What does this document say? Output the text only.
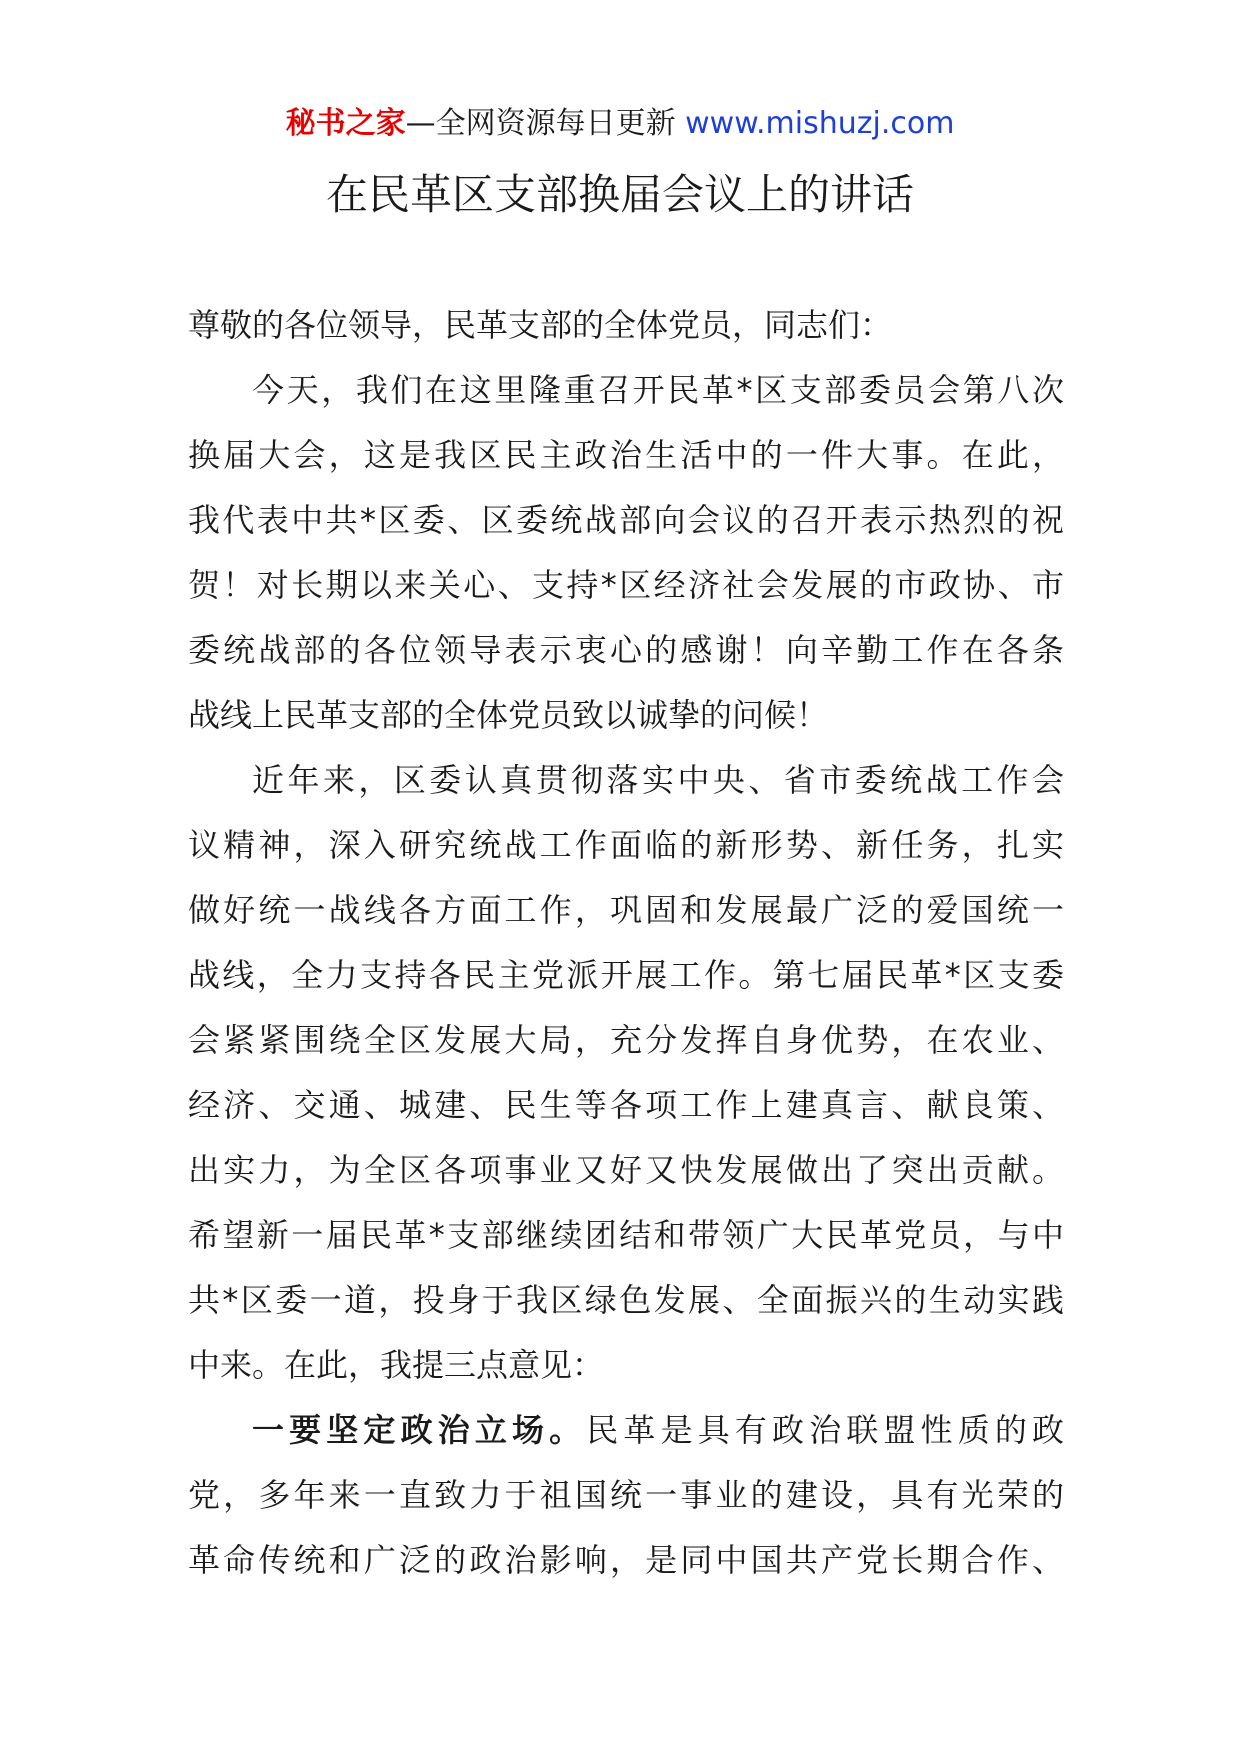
秘书之家—全网资源每日更新 www.mishuzj.com
在民革区支部换届会议上的讲话
尊敬的各位领导，民革支部的全体党员，同志们：
今天，我们在这里隆重召开民革*区支部委员会第八次
换届大会，这是我区民主政治生活中的一件大事。在此，
我代表中共*区委、区委统战部向会议的召开表示热烈的祝
贺！对长期以来关心、支持*区经济社会发展的市政协、市
委统战部的各位领导表示衷心的感谢！向辛勤工作在各条
战线上民革支部的全体党员致以诚挚的问候！
近年来，区委认真贯彻落实中央、省市委统战工作会
议精神，深入研究统战工作面临的新形势、新任务，扎实
做好统一战线各方面工作，巩固和发展最广泛的爱国统一
战线，全力支持各民主党派开展工作。第七届民革*区支委
会紧紧围绕全区发展大局，充分发挥自身优势，在农业、
经济、交通、城建、民生等各项工作上建真言、献良策、
出实力，为全区各项事业又好又快发展做出了突出贡献。
希望新一届民革*支部继续团结和带领广大民革党员，与中
共*区委一道，投身于我区绿色发展、全面振兴的生动实践
中来。在此，我提三点意见：
一要坚定政治立场。民革是具有政治联盟性质的政
党，多年来一直致力于祖国统一事业的建设，具有光荣的
革命传统和广泛的政治影响，是同中国共产党长期合作、
